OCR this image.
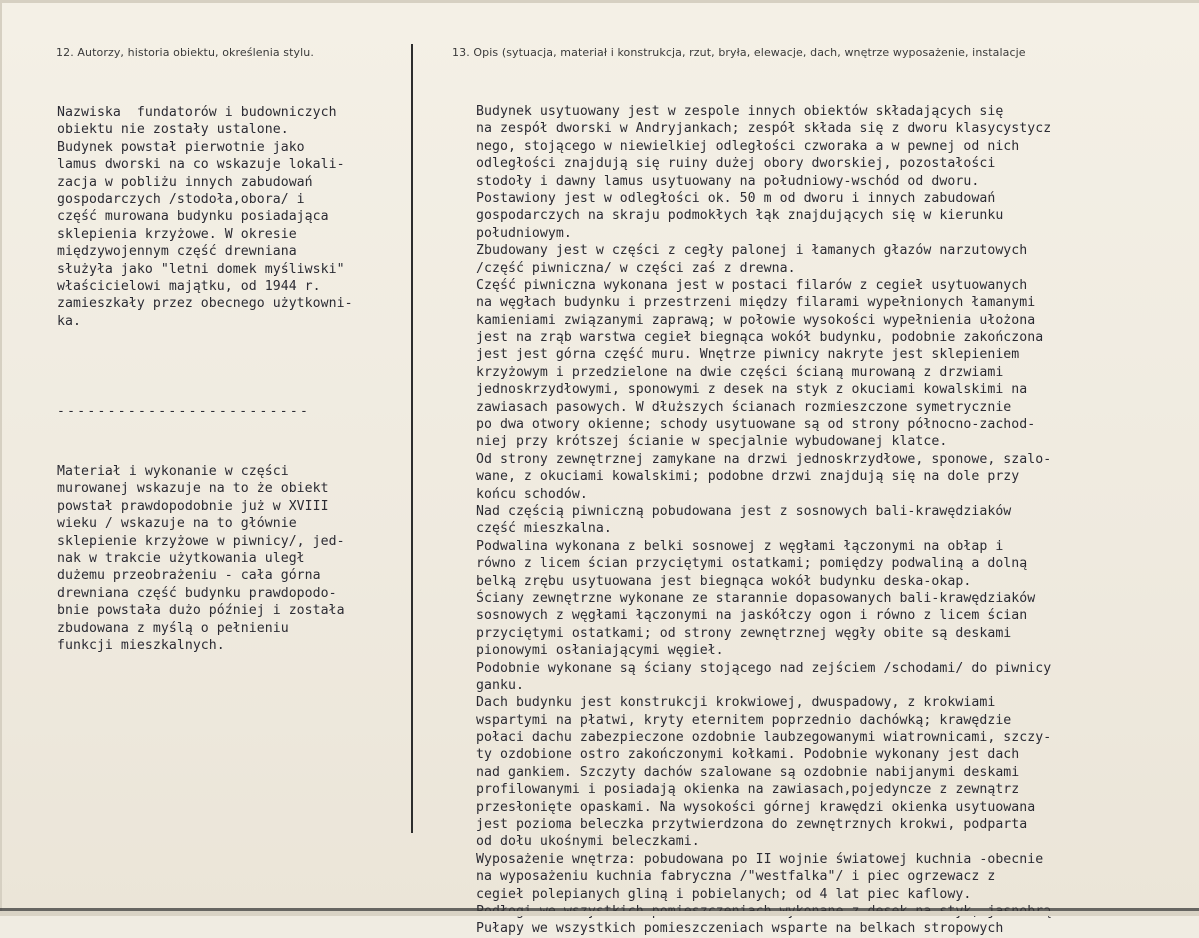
12. Autorzy, historia obiektu, określenia stylu.	13. Opis (sytuacja, materiał i konstrukcja, rzut, bryła, elewacje, dach, wnętrze wyposażenie, instalacje
Nazwiska  fundatorów i budowniczych
obiektu nie zostały ustalone.
Budynek powstał pierwotnie jako
lamus dworski na co wskazuje lokali-
zacja w pobliżu innych zabudowań
gospodarczych /stodoła,obora/ i
część murowana budynku posiadająca
sklepienia krzyżowe. W okresie
międzywojennym część drewniana
służyła jako "letni domek myśliwski"
właścicielowi majątku, od 1944 r.
zamieszkały przez obecnego użytkowni-
ka.
-------------------------
Materiał i wykonanie w części
murowanej wskazuje na to że obiekt
powstał prawdopodobnie już w XVIII
wieku / wskazuje na to głównie
sklepienie krzyżowe w piwnicy/, jed-
nak w trakcie użytkowania uległ
dużemu przeobrażeniu - cała górna
drewniana część budynku prawdopodo-
bnie powstała dużo później i została
zbudowana z myślą o pełnieniu
funkcji mieszkalnych.
Budynek usytuowany jest w zespole innych obiektów składających się
na zespół dworski w Andryjankach; zespół składa się z dworu klasycystycz
nego, stojącego w niewielkiej odległości czworaka a w pewnej od nich
odległości znajdują się ruiny dużej obory dworskiej, pozostałości
stodoły i dawny lamus usytuowany na południowy-wschód od dworu.
Postawiony jest w odległości ok. 50 m od dworu i innych zabudowań
gospodarczych na skraju podmokłych łąk znajdujących się w kierunku
południowym.
Zbudowany jest w części z cegły palonej i łamanych głazów narzutowych
/część piwniczna/ w części zaś z drewna.
Część piwniczna wykonana jest w postaci filarów z cegieł usytuowanych
na węgłach budynku i przestrzeni między filarami wypełnionych łamanymi
kamieniami związanymi zaprawą; w połowie wysokości wypełnienia ułożona
jest na zrąb warstwa cegieł biegnąca wokół budynku, podobnie zakończona
jest jest górna część muru. Wnętrze piwnicy nakryte jest sklepieniem
krzyżowym i przedzielone na dwie części ścianą murowaną z drzwiami
jednoskrzydłowymi, sponowymi z desek na styk z okuciami kowalskimi na
zawiasach pasowych. W dłuższych ścianach rozmieszczone symetrycznie
po dwa otwory okienne; schody usytuowane są od strony północno-zachod-
niej przy krótszej ścianie w specjalnie wybudowanej klatce.
Od strony zewnętrznej zamykane na drzwi jednoskrzydłowe, sponowe, szalo-
wane, z okuciami kowalskimi; podobne drzwi znajdują się na dole przy
końcu schodów.
Nad częścią piwniczną pobudowana jest z sosnowych bali-krawędziaków
część mieszkalna.
Podwalina wykonana z belki sosnowej z węgłami łączonymi na obłap i
równo z licem ścian przyciętymi ostatkami; pomiędzy podwaliną a dolną
belką zrębu usytuowana jest biegnąca wokół budynku deska-okap.
Ściany zewnętrzne wykonane ze starannie dopasowanych bali-krawędziaków
sosnowych z węgłami łączonymi na jaskółczy ogon i równo z licem ścian
przyciętymi ostatkami; od strony zewnętrznej węgły obite są deskami
pionowymi osłaniającymi węgieł.
Podobnie wykonane są ściany stojącego nad zejściem /schodami/ do piwnicy
ganku.
Dach budynku jest konstrukcji krokwiowej, dwuspadowy, z krokwiami
wspartymi na płatwi, kryty eternitem poprzednio dachówką; krawędzie
połaci dachu zabezpieczone ozdobnie laubzegowanymi wiatrownicami, szczy-
ty ozdobione ostro zakończonymi kołkami. Podobnie wykonany jest dach
nad gankiem. Szczyty dachów szalowane są ozdobnie nabijanymi deskami
profilowanymi i posiadają okienka na zawiasach,pojedyncze z zewnątrz
przesłonięte opaskami. Na wysokości górnej krawędzi okienka usytuowana
jest pozioma beleczka przytwierdzona do zewnętrznych krokwi, podparta
od dołu ukośnymi beleczkami.
Wyposażenie wnętrza: pobudowana po II wojnie światowej kuchnia -obecnie
na wyposażeniu kuchnia fabryczna /"westfalka"/ i piec ogrzewacz z
cegieł polepianych gliną i pobielanych; od 4 lat piec kaflowy.
Pułapy we wszystkich pomieszczeniach wsparte na belkach stropowych
